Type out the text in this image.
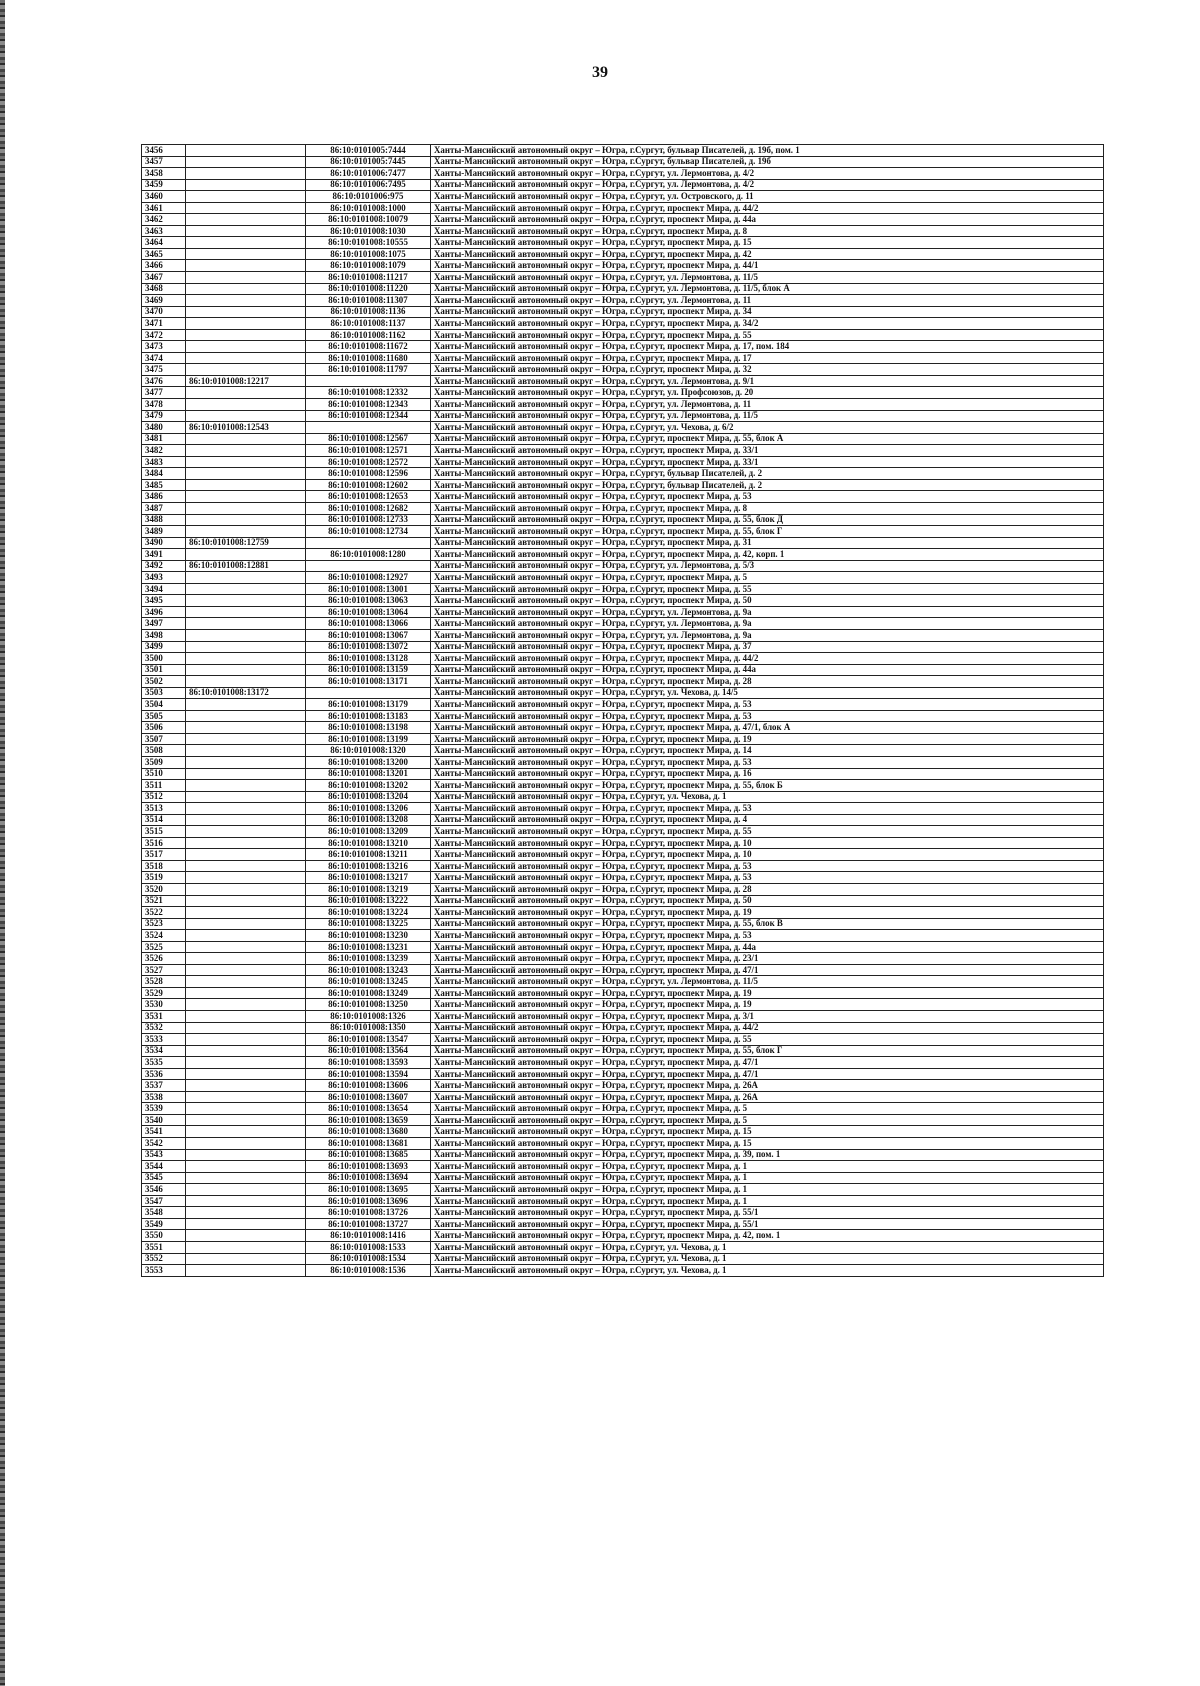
39
3456		86:10:0101005:7444	Ханты-Мансийский автономный округ – Югра, г.Сургут, бульвар Писателей, д. 19б, пом. 1
3457		86:10:0101005:7445	Ханты-Мансийский автономный округ – Югра, г.Сургут, бульвар Писателей, д. 19б
3458		86:10:0101006:7477	Ханты-Мансийский автономный округ – Югра, г.Сургут, ул. Лермонтова, д. 4/2
3459		86:10:0101006:7495	Ханты-Мансийский автономный округ – Югра, г.Сургут, ул. Лермонтова, д. 4/2
3460		86:10:0101006:975	Ханты-Мансийский автономный округ – Югра, г.Сургут, ул. Островского, д. 11
3461		86:10:0101008:1000	Ханты-Мансийский автономный округ – Югра, г.Сургут, проспект Мира, д. 44/2
3462		86:10:0101008:10079	Ханты-Мансийский автономный округ – Югра, г.Сургут, проспект Мира, д. 44а
3463		86:10:0101008:1030	Ханты-Мансийский автономный округ – Югра, г.Сургут, проспект Мира, д. 8
3464		86:10:0101008:10555	Ханты-Мансийский автономный округ – Югра, г.Сургут, проспект Мира, д. 15
3465		86:10:0101008:1075	Ханты-Мансийский автономный округ – Югра, г.Сургут, проспект Мира, д. 42
3466		86:10:0101008:1079	Ханты-Мансийский автономный округ – Югра, г.Сургут, проспект Мира, д. 44/1
3467		86:10:0101008:11217	Ханты-Мансийский автономный округ – Югра, г.Сургут, ул. Лермонтова, д. 11/5
3468		86:10:0101008:11220	Ханты-Мансийский автономный округ – Югра, г.Сургут, ул. Лермонтова, д. 11/5, блок А
3469		86:10:0101008:11307	Ханты-Мансийский автономный округ – Югра, г.Сургут, ул. Лермонтова, д. 11
3470		86:10:0101008:1136	Ханты-Мансийский автономный округ – Югра, г.Сургут, проспект Мира, д. 34
3471		86:10:0101008:1137	Ханты-Мансийский автономный округ – Югра, г.Сургут, проспект Мира, д. 34/2
3472		86:10:0101008:1162	Ханты-Мансийский автономный округ – Югра, г.Сургут, проспект Мира, д. 55
3473		86:10:0101008:11672	Ханты-Мансийский автономный округ – Югра, г.Сургут, проспект Мира, д. 17, пом. 184
3474		86:10:0101008:11680	Ханты-Мансийский автономный округ – Югра, г.Сургут, проспект Мира, д. 17
3475		86:10:0101008:11797	Ханты-Мансийский автономный округ – Югра, г.Сургут, проспект Мира, д. 32
3476	86:10:0101008:12217		Ханты-Мансийский автономный округ – Югра, г.Сургут, ул. Лермонтова, д. 9/1
3477		86:10:0101008:12332	Ханты-Мансийский автономный округ – Югра, г.Сургут, ул. Профсоюзов, д. 20
3478		86:10:0101008:12343	Ханты-Мансийский автономный округ – Югра, г.Сургут, ул. Лермонтова, д. 11
3479		86:10:0101008:12344	Ханты-Мансийский автономный округ – Югра, г.Сургут, ул. Лермонтова, д. 11/5
3480	86:10:0101008:12543		Ханты-Мансийский автономный округ – Югра, г.Сургут, ул. Чехова, д. 6/2
3481		86:10:0101008:12567	Ханты-Мансийский автономный округ – Югра, г.Сургут, проспект Мира, д. 55, блок А
3482		86:10:0101008:12571	Ханты-Мансийский автономный округ – Югра, г.Сургут, проспект Мира, д. 33/1
3483		86:10:0101008:12572	Ханты-Мансийский автономный округ – Югра, г.Сургут, проспект Мира, д. 33/1
3484		86:10:0101008:12596	Ханты-Мансийский автономный округ – Югра, г.Сургут, бульвар Писателей, д. 2
3485		86:10:0101008:12602	Ханты-Мансийский автономный округ – Югра, г.Сургут, бульвар Писателей, д. 2
3486		86:10:0101008:12653	Ханты-Мансийский автономный округ – Югра, г.Сургут, проспект Мира, д. 53
3487		86:10:0101008:12682	Ханты-Мансийский автономный округ – Югра, г.Сургут, проспект Мира, д. 8
3488		86:10:0101008:12733	Ханты-Мансийский автономный округ – Югра, г.Сургут, проспект Мира, д. 55, блок Д
3489		86:10:0101008:12734	Ханты-Мансийский автономный округ – Югра, г.Сургут, проспект Мира, д. 55, блок Г
3490	86:10:0101008:12759		Ханты-Мансийский автономный округ – Югра, г.Сургут, проспект Мира, д. 31
3491		86:10:0101008:1280	Ханты-Мансийский автономный округ – Югра, г.Сургут, проспект Мира, д. 42, корп. 1
3492	86:10:0101008:12881		Ханты-Мансийский автономный округ – Югра, г.Сургут, ул. Лермонтова, д. 5/3
3493		86:10:0101008:12927	Ханты-Мансийский автономный округ – Югра, г.Сургут, проспект Мира, д. 5
3494		86:10:0101008:13001	Ханты-Мансийский автономный округ – Югра, г.Сургут, проспект Мира, д. 55
3495		86:10:0101008:13063	Ханты-Мансийский автономный округ – Югра, г.Сургут, проспект Мира, д. 50
3496		86:10:0101008:13064	Ханты-Мансийский автономный округ – Югра, г.Сургут, ул. Лермонтова, д. 9а
3497		86:10:0101008:13066	Ханты-Мансийский автономный округ – Югра, г.Сургут, ул. Лермонтова, д. 9а
3498		86:10:0101008:13067	Ханты-Мансийский автономный округ – Югра, г.Сургут, ул. Лермонтова, д. 9а
3499		86:10:0101008:13072	Ханты-Мансийский автономный округ – Югра, г.Сургут, проспект Мира, д. 37
3500		86:10:0101008:13128	Ханты-Мансийский автономный округ – Югра, г.Сургут, проспект Мира, д. 44/2
3501		86:10:0101008:13159	Ханты-Мансийский автономный округ – Югра, г.Сургут, проспект Мира, д. 44а
3502		86:10:0101008:13171	Ханты-Мансийский автономный округ – Югра, г.Сургут, проспект Мира, д. 28
3503	86:10:0101008:13172		Ханты-Мансийский автономный округ – Югра, г.Сургут, ул. Чехова, д. 14/5
3504		86:10:0101008:13179	Ханты-Мансийский автономный округ – Югра, г.Сургут, проспект Мира, д. 53
3505		86:10:0101008:13183	Ханты-Мансийский автономный округ – Югра, г.Сургут, проспект Мира, д. 53
3506		86:10:0101008:13198	Ханты-Мансийский автономный округ – Югра, г.Сургут, проспект Мира, д. 47/1, блок А
3507		86:10:0101008:13199	Ханты-Мансийский автономный округ – Югра, г.Сургут, проспект Мира, д. 19
3508		86:10:0101008:1320	Ханты-Мансийский автономный округ – Югра, г.Сургут, проспект Мира, д. 14
3509		86:10:0101008:13200	Ханты-Мансийский автономный округ – Югра, г.Сургут, проспект Мира, д. 53
3510		86:10:0101008:13201	Ханты-Мансийский автономный округ – Югра, г.Сургут, проспект Мира, д. 16
3511		86:10:0101008:13202	Ханты-Мансийский автономный округ – Югра, г.Сургут, проспект Мира, д. 55, блок Б
3512		86:10:0101008:13204	Ханты-Мансийский автономный округ – Югра, г.Сургут, ул. Чехова, д. 1
3513		86:10:0101008:13206	Ханты-Мансийский автономный округ – Югра, г.Сургут, проспект Мира, д. 53
3514		86:10:0101008:13208	Ханты-Мансийский автономный округ – Югра, г.Сургут, проспект Мира, д. 4
3515		86:10:0101008:13209	Ханты-Мансийский автономный округ – Югра, г.Сургут, проспект Мира, д. 55
3516		86:10:0101008:13210	Ханты-Мансийский автономный округ – Югра, г.Сургут, проспект Мира, д. 10
3517		86:10:0101008:13211	Ханты-Мансийский автономный округ – Югра, г.Сургут, проспект Мира, д. 10
3518		86:10:0101008:13216	Ханты-Мансийский автономный округ – Югра, г.Сургут, проспект Мира, д. 53
3519		86:10:0101008:13217	Ханты-Мансийский автономный округ – Югра, г.Сургут, проспект Мира, д. 53
3520		86:10:0101008:13219	Ханты-Мансийский автономный округ – Югра, г.Сургут, проспект Мира, д. 28
3521		86:10:0101008:13222	Ханты-Мансийский автономный округ – Югра, г.Сургут, проспект Мира, д. 50
3522		86:10:0101008:13224	Ханты-Мансийский автономный округ – Югра, г.Сургут, проспект Мира, д. 19
3523		86:10:0101008:13225	Ханты-Мансийский автономный округ – Югра, г.Сургут, проспект Мира, д. 55, блок В
3524		86:10:0101008:13230	Ханты-Мансийский автономный округ – Югра, г.Сургут, проспект Мира, д. 53
3525		86:10:0101008:13231	Ханты-Мансийский автономный округ – Югра, г.Сургут, проспект Мира, д. 44а
3526		86:10:0101008:13239	Ханты-Мансийский автономный округ – Югра, г.Сургут, проспект Мира, д. 23/1
3527		86:10:0101008:13243	Ханты-Мансийский автономный округ – Югра, г.Сургут, проспект Мира, д. 47/1
3528		86:10:0101008:13245	Ханты-Мансийский автономный округ – Югра, г.Сургут, ул. Лермонтова, д. 11/5
3529		86:10:0101008:13249	Ханты-Мансийский автономный округ – Югра, г.Сургут, проспект Мира, д. 19
3530		86:10:0101008:13250	Ханты-Мансийский автономный округ – Югра, г.Сургут, проспект Мира, д. 19
3531		86:10:0101008:1326	Ханты-Мансийский автономный округ – Югра, г.Сургут, проспект Мира, д. 3/1
3532		86:10:0101008:1350	Ханты-Мансийский автономный округ – Югра, г.Сургут, проспект Мира, д. 44/2
3533		86:10:0101008:13547	Ханты-Мансийский автономный округ – Югра, г.Сургут, проспект Мира, д. 55
3534		86:10:0101008:13564	Ханты-Мансийский автономный округ – Югра, г.Сургут, проспект Мира, д. 55, блок Г
3535		86:10:0101008:13593	Ханты-Мансийский автономный округ – Югра, г.Сургут, проспект Мира, д. 47/1
3536		86:10:0101008:13594	Ханты-Мансийский автономный округ – Югра, г.Сургут, проспект Мира, д. 47/1
3537		86:10:0101008:13606	Ханты-Мансийский автономный округ – Югра, г.Сургут, проспект Мира, д. 26А
3538		86:10:0101008:13607	Ханты-Мансийский автономный округ – Югра, г.Сургут, проспект Мира, д. 26А
3539		86:10:0101008:13654	Ханты-Мансийский автономный округ – Югра, г.Сургут, проспект Мира, д. 5
3540		86:10:0101008:13659	Ханты-Мансийский автономный округ – Югра, г.Сургут, проспект Мира, д. 5
3541		86:10:0101008:13680	Ханты-Мансийский автономный округ – Югра, г.Сургут, проспект Мира, д. 15
3542		86:10:0101008:13681	Ханты-Мансийский автономный округ – Югра, г.Сургут, проспект Мира, д. 15
3543		86:10:0101008:13685	Ханты-Мансийский автономный округ – Югра, г.Сургут, проспект Мира, д. 39, пом. 1
3544		86:10:0101008:13693	Ханты-Мансийский автономный округ – Югра, г.Сургут, проспект Мира, д. 1
3545		86:10:0101008:13694	Ханты-Мансийский автономный округ – Югра, г.Сургут, проспект Мира, д. 1
3546		86:10:0101008:13695	Ханты-Мансийский автономный округ – Югра, г.Сургут, проспект Мира, д. 1
3547		86:10:0101008:13696	Ханты-Мансийский автономный округ – Югра, г.Сургут, проспект Мира, д. 1
3548		86:10:0101008:13726	Ханты-Мансийский автономный округ – Югра, г.Сургут, проспект Мира, д. 55/1
3549		86:10:0101008:13727	Ханты-Мансийский автономный округ – Югра, г.Сургут, проспект Мира, д. 55/1
3550		86:10:0101008:1416	Ханты-Мансийский автономный округ – Югра, г.Сургут, проспект Мира, д. 42, пом. 1
3551		86:10:0101008:1533	Ханты-Мансийский автономный округ – Югра, г.Сургут, ул. Чехова, д. 1
3552		86:10:0101008:1534	Ханты-Мансийский автономный округ – Югра, г.Сургут, ул. Чехова, д. 1
3553		86:10:0101008:1536	Ханты-Мансийский автономный округ – Югра, г.Сургут, ул. Чехова, д. 1
